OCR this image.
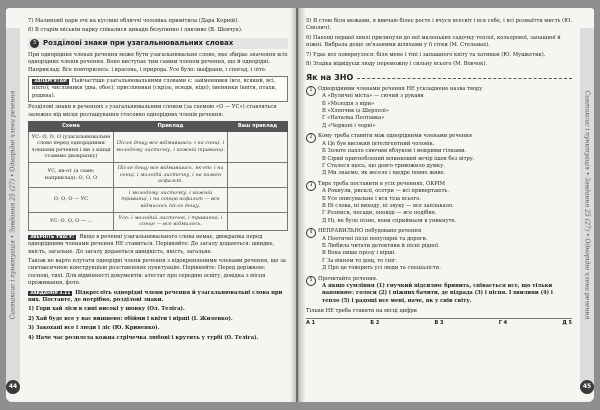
Синтаксис і пунктуація • Завдання 25 (27) • Однорідні члени речення
44

7) Малиновії пари очі на кусливі обличчі чоловіка примітила (Дара Корній).

8) В старім міськім парку співалися цикади безупинно і лякливо (В. Шевчук).

3 Розділові знаки при узагальнювальних словах

При однорідних членах речення може бути узагальнювальне слово, яке збирає значення всіх однорідних членів речення. Воно виступає тим самим членом речення, що й однорідні. Наприклад: Все повторилось: і красень, і природа. Усе було: шафрани, і спогад, і літо.

ЗАПАМ'ЯТАЙ Найчастіше узагальнювальними словами є: займенники (все, всякий, всі, ніхто); числівники (два, обоє); прислівники (скрізь, всюди, ніде); іменники (квіти, птахи, родина).

Розділові знаки в реченнях з узагальнювальним словом (за схемою «О — УС») ставляться залежно від місця розташування стосовно однорідних членів речення:

Схема	Приклад	Ваш приклад
УС: О, О, О (узагальнювальне слово перед однорідними членами речення і ми з кінця ставимо двокрапку)	Після дощу все відмившись: і на сонці, і молодому листочку, і кожній травинці.	
УС, як-от (а саме; наприклад): О, О, О	Після дощу все відмившись, як-от: і на сонці, і молодій листочку, і на кожен асфальт.	
О, О, О — УС	і молодому листочку, і кожній травинці, і на сонцю асфальт — все відмилось після дощу.	
УС: О, О, О — ...	Усе: і молодий листочок, і травинка, і сонце — все відмилось.	

ЗВЕРНІТЬ УВАГУ! Якщо в реченні узагальнювального слова немає, двокрапка перед однорідними членами речення НЕ ставиться. Порівняйте: До загалу додаються: швидке, якість, загальне. До загалу додаються швидкість, якість, загальне.

Також не варто плутати однорідні члени речення з відокремленими членами речення, що за синтаксичною конструкцією розставлених пунктуацію. Порівняйте: Перед доріжкою: соснові, тихі. Для відмінності документів: атестат про середню освіту, довідка з місця проживання, фото.

ЗАВДАННЯ 3.11 Підкресліть однорідні члени речення й узагальнювальні слова при них. Поставте, де потрібно, розділові знаки.

1) Гори хай ліси в сині високі у шовку (Ол. Теліга).

2) Хай буде все у вас вишнево: обійми і квіти і вірші (І. Жиленко).

3) Закохані все і люди і ліс (Ю. Кривенко).

4) Наче час розплела кожна стрічечка любові і крутить у турбі (О. Теліга).

Синтаксис і пунктуація • Завдання 25 (27) • Однорідні члени речення
45

5) Я стою біля межами, я вивчаю білеє росте і вчуся всесвіт і вся себе, і всі розмаїття мисть (Ю. Смолич).

6) Пахощі першої хвилі прилинули до неї маленьких садочку теплої, кольорової, запашної й ніжні. Вибрала дещо зв'язаними шляхами у її сітки (М. Стельмах).

7) Удає все повернулося: біля мене і тіні і запашного квіту та хатинки (Ю. Мушкетик).

8) Згадка відвідуєш люду переможну і сильну всього (М. Вовчок).

Як на ЗНО
1	Однорідними членами речення НЕ ускладнено назва твору
А «Вуличні міста» — сючий з рукави
Б «Мелодія з віри»
В «Хлопчик із Шерлолі»
Г «Наталка Полтавка»
Д «Червоні і чорні»
2	Кому треба ставити між однорідними членами речення
А Це був високий інтелігентний чоловік.
Б Золоте пахло сяючим яблуком і мокрими гілками.
В Сірий пригноблений млинковий вечір ішов без вітру.
Г Сталося щось, що довго тривожило думку.
Д Ми знаємо, як веселе і щедре повно живе.
3	Тире треба поставити в усіх реченнях, ОКРІМ
А Рокнули, рисклі, осетри — всі привертають.
Б Усе описувальне і вся тіла всього.
В Ні слова, ні виходу, ні звуку — все заплакало.
Г Розписи, посади, оповіді — все подібне.
Д Ні, не було пізно, вони сприймали в уникнуте.
4	НЕПРАВИЛЬНО побудовано речення
А Поетичні пісні популярні та дороги.
Б Любила читати детективи й пісні рідної.
В Вона пише прозу і вірші.
Г За вікном то дощ, то сніг.
Д Про це говорить усі люди та спеціалісти.
5	Прочитайте речення.
А якщо сумління (1) гнучкий підсилює бринить, співається все, що тільки наповнює: голоси (2) і ніжних бачити, де відрада (3) і пісня. І хвилини (4) і тепло (5) і радощі все мені, наче, як у снів світу.

Тільки НЕ треба ставити на місці цифри

А 1	Б 2	В 3	Г 4	Д 5
